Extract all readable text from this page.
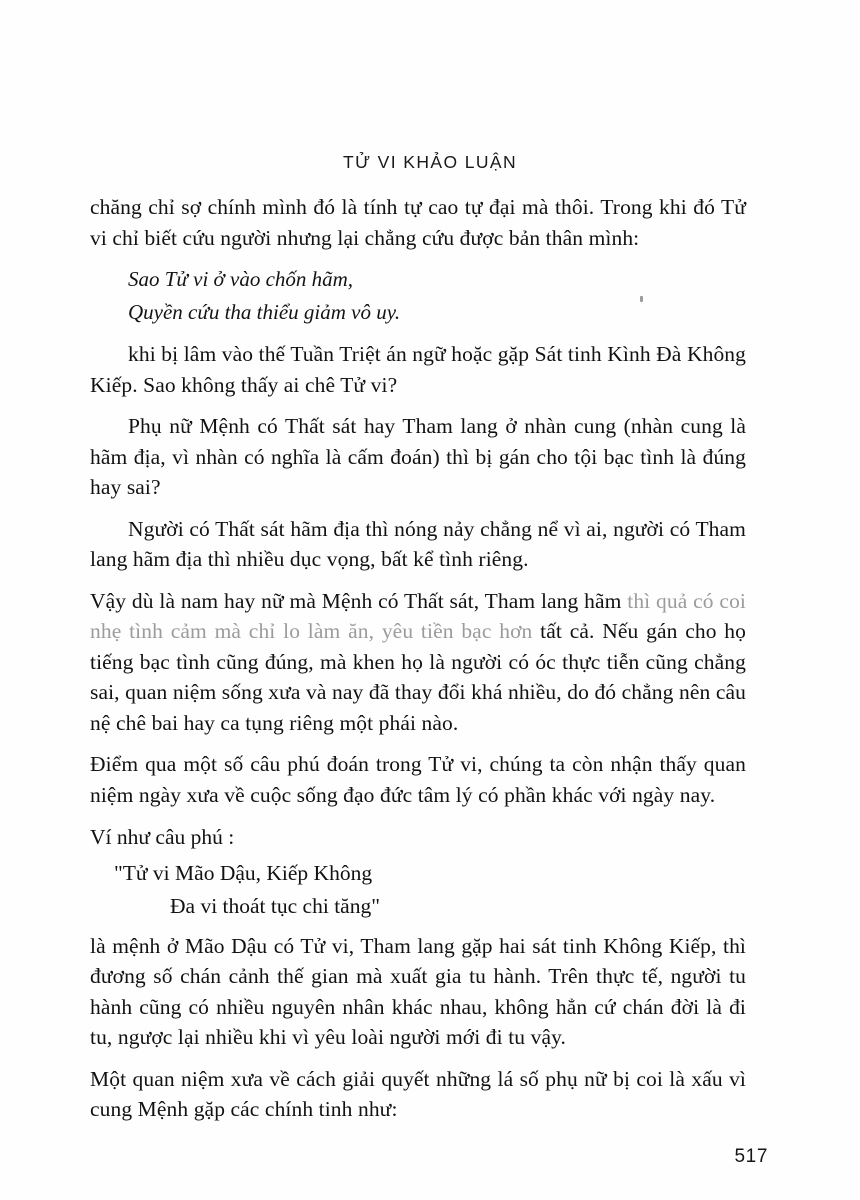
TỬ VI KHẢO LUẬN

chăng chỉ sợ chính mình đó là tính tự cao tự đại mà thôi. Trong khi đó Tử vi chỉ biết cứu người nhưng lại chẳng cứu được bản thân mình:

Sao Tử vi ở vào chốn hãm,
Quyền cứu tha thiểu giảm vô uy.

khi bị lâm vào thế Tuần Triệt án ngữ hoặc gặp Sát tinh Kình Đà Không Kiếp. Sao không thấy ai chê Tử vi?

Phụ nữ Mệnh có Thất sát hay Tham lang ở nhàn cung (nhàn cung là hãm địa, vì nhàn có nghĩa là cấm đoán) thì bị gán cho tội bạc tình là đúng hay sai?

Người có Thất sát hãm địa thì nóng nảy chẳng nể vì ai, người có Tham lang hãm địa thì nhiều dục vọng, bất kể tình riêng.

Vậy dù là nam hay nữ mà Mệnh có Thất sát, Tham lang hãm thì quả có coi nhẹ tình cảm mà chỉ lo làm ăn, yêu tiền bạc hơn tất cả. Nếu gán cho họ tiếng bạc tình cũng đúng, mà khen họ là người có óc thực tiễn cũng chẳng sai, quan niệm sống xưa và nay đã thay đổi khá nhiều, do đó chẳng nên câu nệ chê bai hay ca tụng riêng một phái nào.

Điểm qua một số câu phú đoán trong Tử vi, chúng ta còn nhận thấy quan niệm ngày xưa về cuộc sống đạo đức tâm lý có phần khác với ngày nay.

Ví như câu phú :

"Tử vi Mão Dậu, Kiếp Không
Đa vi thoát tục chi tăng"

là mệnh ở Mão Dậu có Tử vi, Tham lang gặp hai sát tinh Không Kiếp, thì đương số chán cảnh thế gian mà xuất gia tu hành. Trên thực tế, người tu hành cũng có nhiều nguyên nhân khác nhau, không hẳn cứ chán đời là đi tu, ngược lại nhiều khi vì yêu loài người mới đi tu vậy.

Một quan niệm xưa về cách giải quyết những lá số phụ nữ bị coi là xấu vì cung Mệnh gặp các chính tinh như:

517
